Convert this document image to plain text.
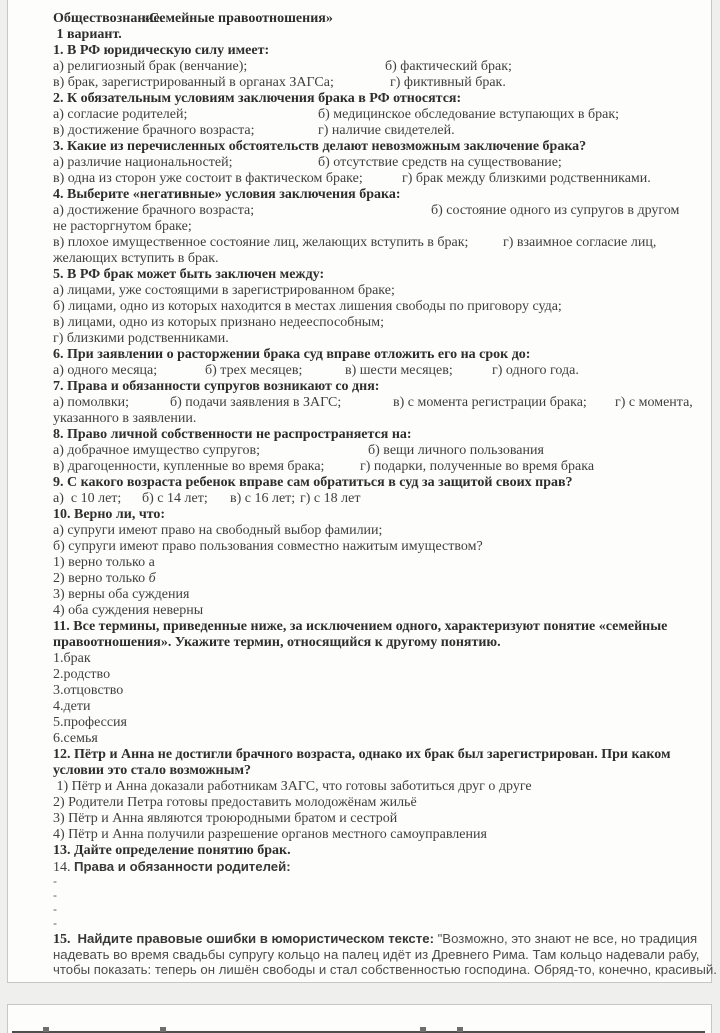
Обществознание.
«Семейные правоотношения»
1 вариант.
1. В РФ юридическую силу имеет:
а) религиозный брак (венчание);	б) фактический брак;
в) брак, зарегистрированный в органах ЗАГСа;	г) фиктивный брак.
2. К обязательным условиям заключения брака в РФ относятся:
а) согласие родителей;	б) медицинское обследование вступающих в брак;
в) достижение брачного возраста;	г) наличие свидетелей.
3. Какие из перечисленных обстоятельств делают невозможным заключение брака?
а) различие национальностей;	б) отсутствие средств на существование;
в) одна из сторон уже состоит в фактическом браке;	г) брак между близкими родственниками.
4. Выберите «негативные» условия заключения брака:
а) достижение брачного возраста;	б) состояние одного из супругов в другом
не расторгнутом браке;
в) плохое имущественное состояние лиц, желающих вступить в брак; г) взаимное согласие лиц,
желающих вступить в брак.
5. В РФ брак может быть заключен между:
а) лицами, уже состоящими в зарегистрированном браке;
б) лицами, одно из которых находится в местах лишения свободы по приговору суда;
в) лицами, одно из которых признано недееспособным;
г) близкими родственниками.
6. При заявлении о расторжении брака суд вправе отложить его на срок до:
а) одного месяца;	б) трех месяцев;	в) шести месяцев;	г) одного года.
7. Права и обязанности супругов возникают со дня:
а) помолвки;	б) подачи заявления в ЗАГС;	в) с момента регистрации брака; г) с момента,
указанного в заявлении.
8. Право личной собственности не распространяется на:
а) добрачное имущество супругов;	б) вещи личного пользования
в) драгоценности, купленные во время брака;	г) подарки, полученные во время брака
9. С какого возраста ребенок вправе сам обратиться в суд за защитой своих прав?
а)  с 10 лет; б) с 14 лет; в) с 16 лет; г) с 18 лет
10. Верно ли, что:
а) супруги имеют право на свободный выбор фамилии;
б) супруги имеют право пользования совместно нажитым имуществом?
1) верно только а
2) верно только б
3) верны оба суждения
4) оба суждения неверны
11. Все термины, приведенные ниже, за исключением одного, характеризуют понятие «семейные
правоотношения». Укажите термин, относящийся к другому понятию.
1.брак
2.родство
3.отцовство
4.дети
5.профессия
6.семья
12. Пётр и Анна не достигли брачного возраста, однако их брак был зарегистрирован. При каком
условии это стало возможным?
1) Пётр и Анна доказали работникам ЗАГС, что готовы заботиться друг о друге
2) Родители Петра готовы предоставить молодожёнам жильё
3) Пётр и Анна являются троюродными братом и сестрой
4) Пётр и Анна получили разрешение органов местного самоуправления
13. Дайте определение понятию брак.
14. Права и обязанности родителей:
-
-
-
-
15.  Найдите правовые ошибки в юмористическом тексте: "Возможно, это знают не все, но традиция
надевать во время свадьбы супругу кольцо на палец идёт из Древнего Рима. Там кольцо надевали рабу,
чтобы показать: теперь он лишён свободы и стал собственностью господина. Обряд-то, конечно, красивый.
